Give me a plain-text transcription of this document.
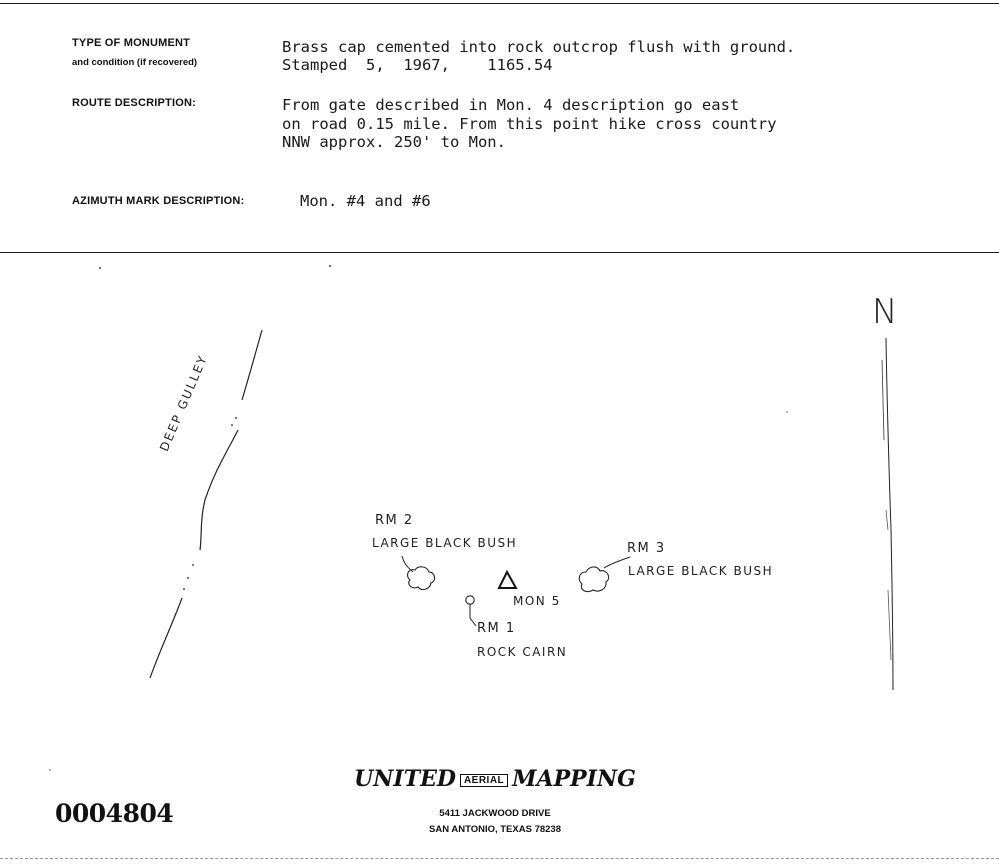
TYPE OF MONUMENT
and condition (if recovered)
Brass cap cemented into rock outcrop flush with ground.
Stamped  5,  1967,    1165.54
ROUTE DESCRIPTION:	From gate described in Mon. 4 description go east
on road 0.15 mile. From this point hike cross country
NNW approx. 250' to Mon.
AZIMUTH MARK DESCRIPTION:	Mon. #4 and #6
N
DEEP GULLEY
RM 2
LARGE BLACK BUSH	RM 3
LARGE BLACK BUSH
MON 5
RM 1
ROCK CAIRN
0004804
UNITED AERIAL MAPPING
5411 JACKWOOD DRIVE
SAN ANTONIO, TEXAS 78238
